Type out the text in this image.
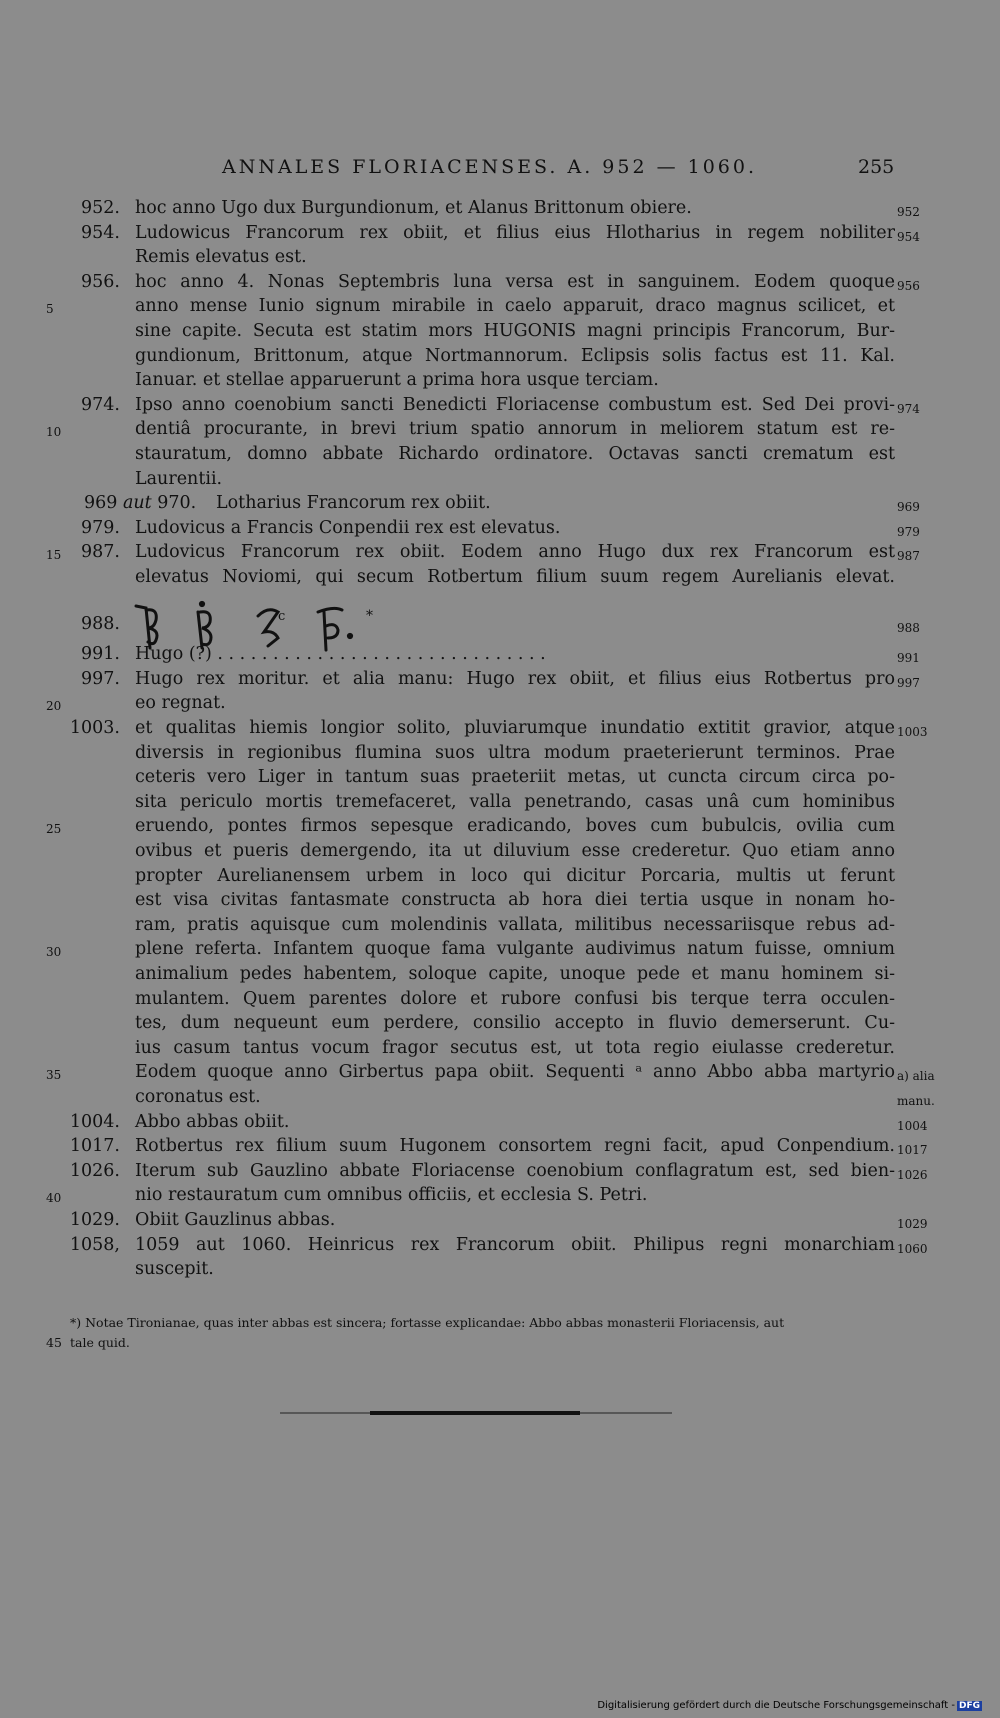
ANNALES FLORIACENSES. A. 952 — 1060.	255
952. hoc anno Ugo dux Burgundionum, et Alanus Brittonum obiere.	952
954. Ludowicus Francorum rex obiit, et filius eius Hlotharius in regem nobiliter 954
Remis elevatus est.
956. hoc anno 4. Nonas Septembris luna versa est in sanguinem. Eodem quoque 956
5	anno mense Iunio signum mirabile in caelo apparuit, draco magnus scilicet, et
sine capite. Secuta est statim mors HUGONIS magni principis Francorum, Bur-
gundionum, Brittonum, atque Nortmannorum. Eclipsis solis factus est 11. Kal.
Ianuar. et stellae apparuerunt a prima hora usque terciam.
974. Ipso anno coenobium sancti Benedicti Floriacense combustum est. Sed Dei provi- 974
10	dentiâ procurante, in brevi trium spatio annorum in meliorem statum est re-
stauratum, domno abbate Richardo ordinatore. Octavas sancti crematum est
Laurentii.
969 aut 970.	Lotharius Francorum rex obiit.	969
979. Ludovicus a Francis Conpendii rex est elevatus.	979
15	987. Ludovicus Francorum rex obiit. Eodem anno Hugo dux rex Francorum est 987
elevatus Noviomi, qui secum Rotbertum filium suum regem Aurelianis elevat.
988.	988
991. Hugo (?) . . . . . . . . . . . . . . . . . . . . . . . . . . . . . .	991
997. Hugo rex moritur. et alia manu: Hugo rex obiit, et filius eius Rotbertus pro 997
20	eo regnat.
1003. et qualitas hiemis longior solito, pluviarumque inundatio extitit gravior, atque 1003
diversis in regionibus flumina suos ultra modum praeterierunt terminos. Prae
ceteris vero Liger in tantum suas praeteriit metas, ut cuncta circum circa po-
sita periculo mortis tremefaceret, valla penetrando, casas unâ cum hominibus
25	eruendo, pontes firmos sepesque eradicando, boves cum bubulcis, ovilia cum
ovibus et pueris demergendo, ita ut diluvium esse crederetur. Quo etiam anno
propter Aurelianensem urbem in loco qui dicitur Porcaria, multis ut ferunt
est visa civitas fantasmate constructa ab hora diei tertia usque in nonam ho-
ram, pratis aquisque cum molendinis vallata, militibus necessariisque rebus ad-
30	plene referta. Infantem quoque fama vulgante audivimus natum fuisse, omnium
animalium pedes habentem, soloque capite, unoque pede et manu hominem si-
mulantem. Quem parentes dolore et rubore confusi bis terque terra occulen-
tes, dum nequeunt eum perdere, consilio accepto in fluvio demerserunt. Cu-
ius casum tantus vocum fragor secutus est, ut tota regio eiulasse crederetur.
35	Eodem quoque anno Girbertus papa obiit. Sequenti ᵃ anno Abbo abba martyrio a) alia
coronatus est.	manu.
1004. Abbo abbas obiit.	1004
1017. Rotbertus rex filium suum Hugonem consortem regni facit, apud Conpendium. 1017
1026. Iterum sub Gauzlino abbate Floriacense coenobium conflagratum est, sed bien- 1026
40	nio restauratum cum omnibus officiis, et ecclesia S. Petri.
1029. Obiit Gauzlinus abbas.	1029
1058, 1059 aut 1060. Heinricus rex Francorum obiit. Philipus regni monarchiam 1060
suscepit.
c	*
*) Notae Tironianae, quas inter abbas est sincera; fortasse explicandae: Abbo abbas monasterii Floriacensis, aut
45 tale quid.
Digitalisierung gefördert durch die Deutsche Forschungsgemeinschaft - DFG
